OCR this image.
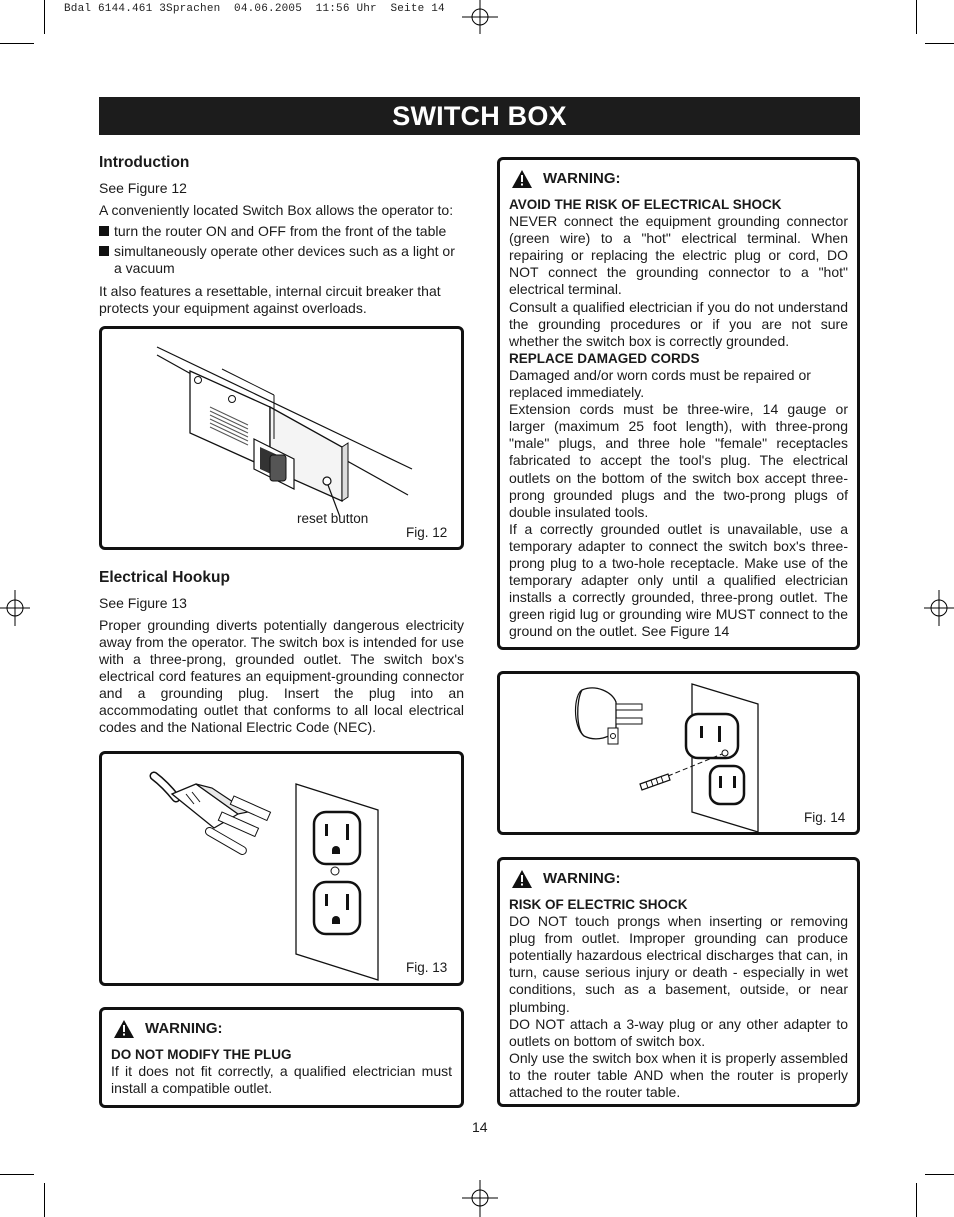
Bdal 6144.461 3Sprachen  04.06.2005  11:56 Uhr  Seite 14
SWITCH BOX
Introduction

See Figure 12

A conveniently located Switch Box allows the operator to:

turn the router ON and OFF from the front of the table
simultaneously operate other devices such as a light or a vacuum

It also features a resettable, internal circuit breaker that protects your equipment against overloads.

reset button
Fig. 12
Electrical Hookup

See Figure 13

Proper grounding diverts potentially dangerous electricity away from the operator. The switch box is intended for use with a three-prong, grounded outlet. The switch box's electrical cord features an equipment-grounding connector and a grounding plug. Insert the plug into an accommodating outlet that conforms to all local electrical codes and the National Electric Code (NEC).

Fig. 13
WARNING:
DO NOT MODIFY THE PLUG
If it does not fit correctly, a qualified electrician must install a compatible outlet.
WARNING:
AVOID THE RISK OF ELECTRICAL SHOCK
NEVER connect the equipment grounding connector (green wire) to a "hot" electrical terminal. When repairing or replacing the electric plug or cord, DO NOT connect the grounding connector to a "hot" electrical terminal.
Consult a qualified electrician if you do not understand the grounding procedures or if you are not sure whether the switch box is correctly grounded.
REPLACE DAMAGED CORDS
Damaged and/or worn cords must be repaired or replaced immediately.
Extension cords must be three-wire, 14 gauge or larger (maximum 25 foot length), with three-prong "male" plugs, and three hole "female" receptacles fabricated to accept the tool's plug. The electrical outlets on the bottom of the switch box accept three-prong grounded plugs and the two-prong plugs of double insulated tools.
If a correctly grounded outlet is unavailable, use a temporary adapter to connect the switch box's three-prong plug to a two-hole receptacle. Make use of the temporary adapter only until a qualified electrician installs a correctly grounded, three-prong outlet. The green rigid lug or grounding wire MUST connect to the ground on the outlet. See Figure 14
Fig. 14
WARNING:
RISK OF ELECTRIC SHOCK
DO NOT touch prongs when inserting or removing plug from outlet. Improper grounding can produce potentially hazardous electrical discharges that can, in turn, cause serious injury or death - especially in wet conditions, such as a basement, outside, or near plumbing.
DO NOT attach a 3-way plug or any other adapter to outlets on bottom of switch box.
Only use the switch box when it is properly assembled to the router table AND when the router is properly attached to the router table.
14
